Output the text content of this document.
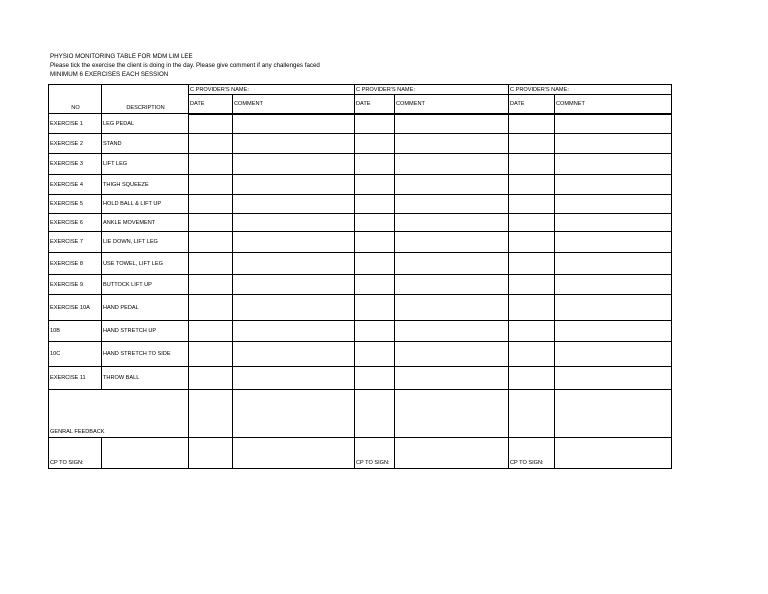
PHYSIO MONITORING TABLE FOR MDM LIM LEE
Please tick the exercise the client is doing in the day. Please give comment if any challenges faced
MINIMUM 6 EXERCISES EACH SESSION
NO	DESCRIPTION	C PROVIDER'S NAME:		C PROVIDER'S NAME:		C PROVIDER'S NAME:	
		DATE	COMMENT	DATE	COMMENT	DATE	COMMNET
EXERCISE 1	LEG PEDAL						
EXERCISE 2	STAND						
EXERCISE 3	LIFT LEG						
EXERCISE 4	THIGH SQUEEZE						
EXERCISE 5	HOLD BALL & LIFT UP						
EXERCISE 6	ANKLE MOVEMENT						
EXERCISE 7	LIE DOWN, LIFT LEG						
EXERCISE 8	USE TOWEL, LIFT LEG						
EXERCISE 9	BUTTOCK LIFT UP						
EXERCISE 10A	HAND PEDAL						
10B	HAND STRETCH UP						
10C	HAND STRETCH TO SIDE						
EXERCISE 11	THROW BALL						
GENRAL FEEDBACK							
CP TO SIGN:				CP TO SIGN:		CP TO SIGN:	
